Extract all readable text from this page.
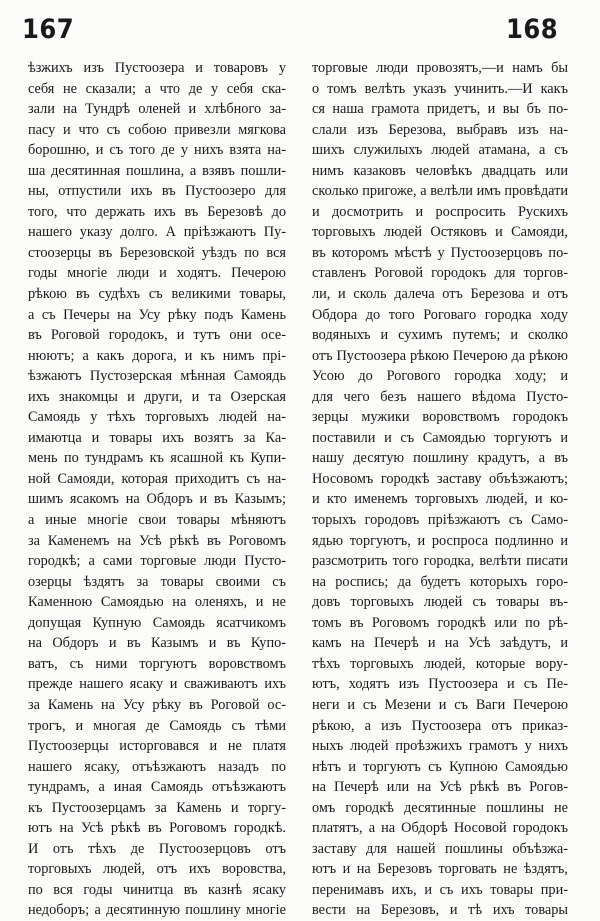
167	168
ѣзжихъ изъ Пустоозера и товаровъ у
себя не сказали; а что де у себя ска-
зали на Тундрѣ оленей и хлѣбного за-
пасу и что съ собою привезли мягкова
борошню, и съ того де у нихъ взята на-
ша десятинная пошлина, а взявъ пошли-
ны, отпустили ихъ въ Пустоозеро для
того, что держать ихъ въ Березовѣ до
нашего указу долго. А пріѣзжаютъ Пу-
стоозерцы въ Березовской уѣздъ по вся
годы многіе люди и ходятъ. Печерою
рѣкою въ судѣхъ съ великими товары,
а съ Печеры на Усу рѣку подъ Камень
въ Роговой городокъ, и тутъ они осе-
нюютъ; а какъ дорога, и къ нимъ прі-
ѣзжаютъ Пустозерская мѣнная Самоядь
ихъ знакомцы и други, и та Озерская
Самоядь у тѣхъ торговыхъ людей на-
имаютца и товары ихъ возятъ за Ка-
мень по тундрамъ къ ясашной къ Купи-
ной Самояди, которая приходитъ съ на-
шимъ ясакомъ на Обдоръ и въ Казымъ;
а иные многіе свои товары мѣняютъ
за Каменемъ на Усѣ рѣкѣ въ Роговомъ
городкѣ; а сами торговые люди Пусто-
озерцы ѣздятъ за товары своими съ
Каменною Самоядью на оленяхъ, и не
допущая Купную Самоядь ясатчикомъ
на Обдоръ и въ Казымъ и въ Купо-
ватъ, съ ними торгуютъ воровствомъ
прежде нашего ясаку и сваживаютъ ихъ
за Камень на Усу рѣку въ Роговой ос-
трогъ, и многая де Самоядь съ тѣми
Пустоозерцы исторговався и не платя
нашего ясаку, отъѣзжаютъ назадъ по
тундрамъ, а иная Самоядь отъѣзжаютъ
къ Пустоозерцамъ за Камень и торгу-
ютъ на Усѣ рѣкѣ въ Роговомъ городкѣ.
И отъ тѣхъ де Пустоозерцовъ отъ
торговыхъ людей, отъ ихъ воровства,
по вся годы чинитца въ казнѣ ясаку
недоборъ; а десятинную пошлину многіе
торговые люди провозятъ,—и намъ бы
о томъ велѣть указъ учинить.—И какъ
ся наша грамота придетъ, и вы бъ по-
слали изъ Березова, выбравъ изъ на-
шихъ служилыхъ людей атамана, а съ
нимъ казаковъ человѣкъ двадцать или
сколько пригоже, а велѣли имъ провѣдати
и досмотрить и роспросить Рускихъ
торговыхъ людей Остяковъ и Самояди,
въ которомъ мѣстѣ у Пустоозерцовъ по-
ставленъ Роговой городокъ для торгов-
ли, и сколь далеча отъ Березова и отъ
Обдора до того Роговаго городка ходу
водяныхъ и сухимъ путемъ; и сколко
отъ Пустоозера рѣкою Печерою да рѣкою
Усою до Рогового городка ходу; и
для чего безъ нашего вѣдома Пусто-
зерцы мужики воровствомъ городокъ
поставили и съ Самоядью торгуютъ и
нашу десятую пошлину крадутъ, а въ
Носовомъ городкѣ заставу объѣзжаютъ;
и кто именемъ торговыхъ людей, и ко-
торыхъ городовъ пріѣзжаютъ съ Само-
ядью торгуютъ, и роспроса подлинно и
разсмотрить того городка, велѣти писати
на роспись; да будетъ которыхъ горо-
довъ торговыхъ людей съ товары въ-
томъ въ Роговомъ городкѣ или по рѣ-
камъ на Печерѣ и на Усѣ заѣдутъ, и
тѣхъ торговыхъ людей, которые вору-
ютъ, ходятъ изъ Пустоозера и съ Пе-
неги и съ Мезени и съ Ваги Печерою
рѣкою, а изъ Пустоозера отъ приказ-
ныхъ людей проѣзжихъ грамотъ у нихъ
нѣтъ и торгуютъ съ Купною Самоядью
на Печерѣ или на Усѣ рѣкѣ въ Рогов-
омъ городкѣ десятинные пошлины не
платятъ, а на Обдорѣ Носовой городокъ
заставу для нашей пошлины объѣзжа-
ютъ и на Березовъ торговать не ѣздятъ,
перенимавъ ихъ, и съ ихъ товары при-
вести на Березовъ, и тѣ ихъ товары
